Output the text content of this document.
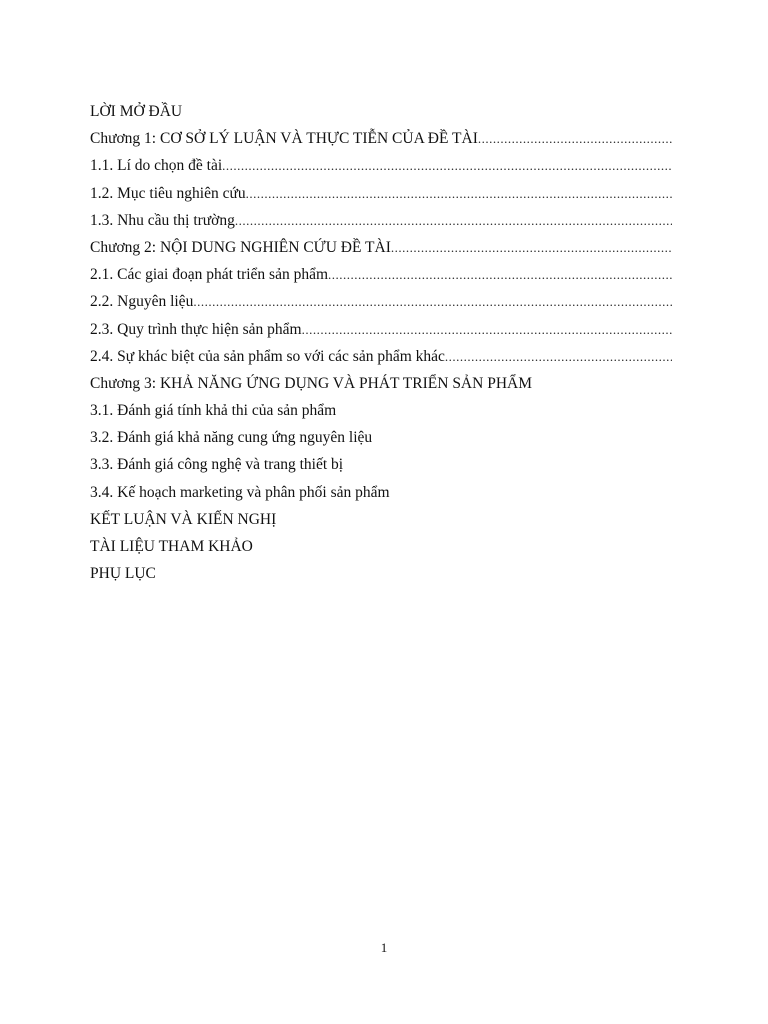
LỜI MỞ ĐẦU
Chương 1: CƠ SỞ LÝ LUẬN VÀ THỰC TIỄN CỦA ĐỀ TÀI
.....
1.1. Lí do chọn đề tài
.....
1.2. Mục tiêu nghiên cứu
.....
1.3. Nhu cầu thị trường
.....
Chương 2: NỘI DUNG NGHIÊN CỨU ĐỀ TÀI
.....
2.1. Các giai đoạn phát triển sản phẩm
.....
2.2. Nguyên liệu
.....
2.3. Quy trình thực hiện sản phẩm
.....
2.4. Sự khác biệt của sản phẩm so với các sản phẩm khác
.....
Chương 3: KHẢ NĂNG ỨNG DỤNG VÀ PHÁT TRIỂN SẢN PHẨM
3.1. Đánh giá tính khả thi của sản phẩm
3.2. Đánh giá khả năng cung ứng nguyên liệu
3.3. Đánh giá công nghệ và trang thiết bị
3.4. Kế hoạch marketing và phân phối sản phẩm
KẾT LUẬN VÀ KIẾN NGHỊ
TÀI LIỆU THAM KHẢO
PHỤ LỤC
1
